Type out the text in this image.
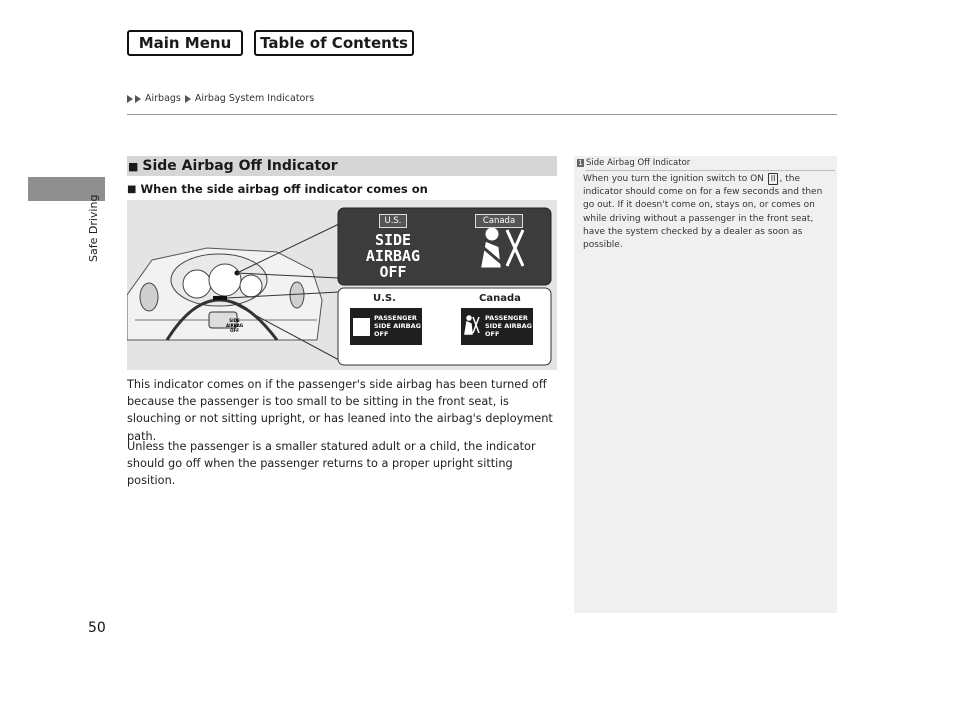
Main Menu	Table of Contents
Airbags Airbag System Indicators
Safe Driving
■ Side Airbag Off Indicator
■ When the side airbag off indicator comes on
U.S.	Canada
SIDE
AIRBAG
OFF
U.S.	Canada
SIDE
AIRBAG
OFF
PASSENGER
SIDE AIRBAG
OFF
PASSENGER
SIDE AIRBAG
OFF

This indicator comes on if the passenger's side airbag has been turned off because the passenger is too small to be sitting in the front seat, is slouching or not sitting upright, or has leaned into the airbag's deployment path.

Unless the passenger is a smaller statured adult or a child, the indicator should go off when the passenger returns to a proper upright sitting position.

1 Side Airbag Off Indicator

When you turn the ignition switch to ON II , the indicator should come on for a few seconds and then go out. If it doesn't come on, stays on, or comes on while driving without a passenger in the front seat, have the system checked by a dealer as soon as possible.

50
